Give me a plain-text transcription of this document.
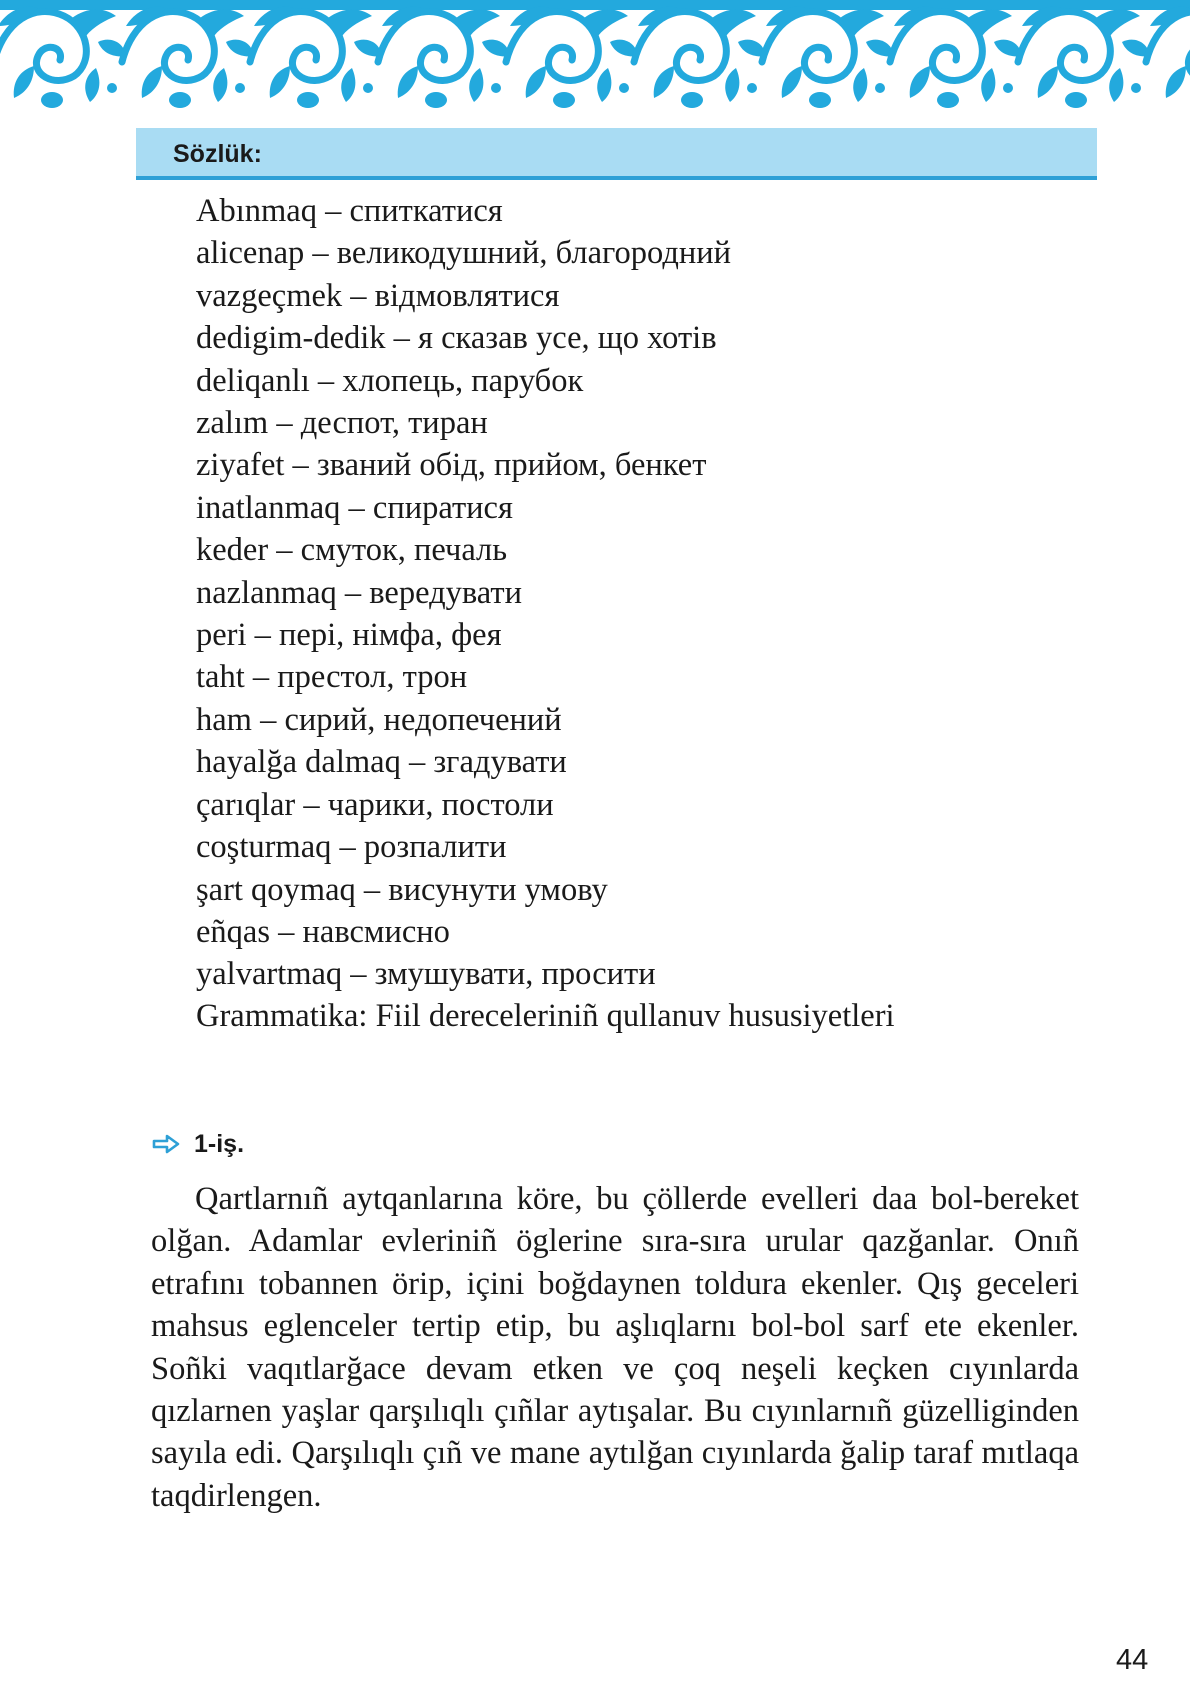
Sözlük:
Abınmaq – спиткатися
alicenap – великодушний, благородний
vazgeçmek – відмовлятися
dedigim-dedik – я сказав усе, що хотів
deliqanlı – хлопець, парубок
zalım – деспот, тиран
ziyafet – званий обід, прийом, бенкет
inatlanmaq – спиратися
keder – смуток, печаль
nazlanmaq – вередувати
peri – пері, німфа, фея
taht – престол, трон
ham – сирий, недопечений
hayalğa dalmaq – згадувати
çarıqlar – чарики, постоли
coşturmaq – розпалити
şart qoymaq – висунути умову
eñqas – навсмисно
yalvartmaq – змушувати, просити
Grammatika: Fiil dereceleriniñ qullanuv hususiyetleri
1-iş.

Qartlarnıñ aytqanlarına köre, bu çöllerde evelleri daa bol-bereket olğan. Adamlar evleriniñ öglerine sıra-sıra urular qazğanlar. Onıñ etrafını tobannen örip, içini boğdaynen toldura ekenler. Qış geceleri mahsus eglenceler tertip etip, bu aşlıqlarnı bol-bol sarf ete ekenler. Soñki vaqıtlarğace devam etken ve çoq neşeli keçken cıyınlarda qızlarnen yaşlar qarşılıqlı çıñlar aytışalar. Bu cıyınlarnıñ güzelliginden sayıla edi. Qarşılıqlı çıñ ve mane aytılğan cıyınlarda ğalip taraf mıtlaqa taqdirlengen.

44
